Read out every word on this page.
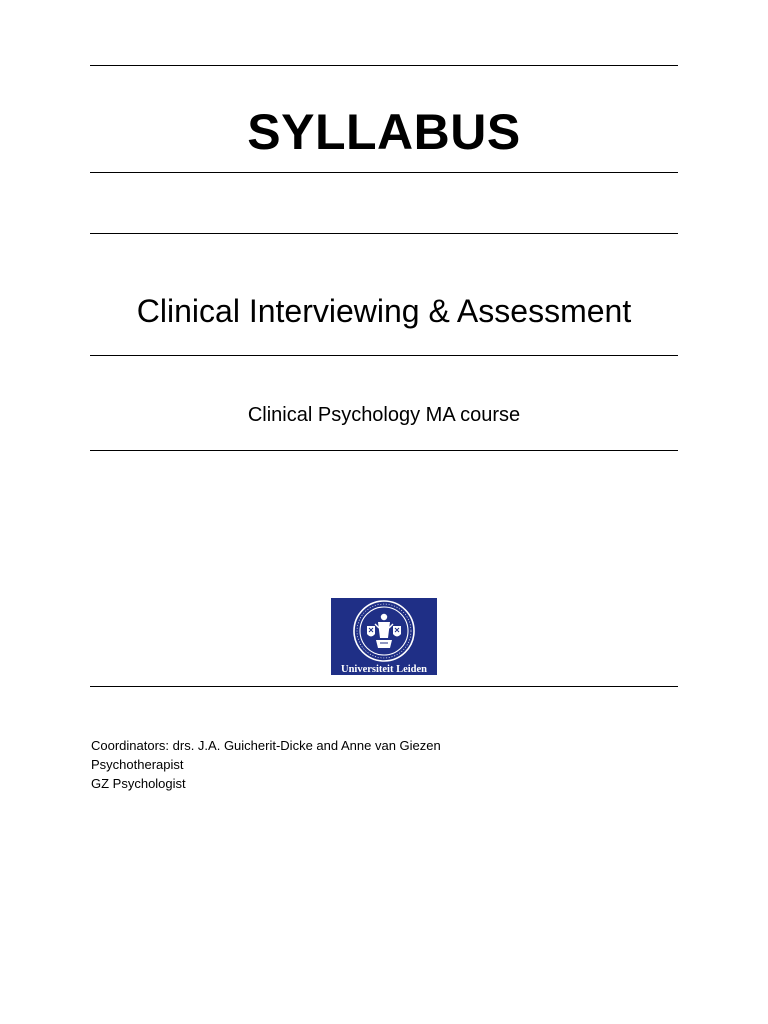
SYLLABUS
Clinical Interviewing & Assessment
Clinical Psychology MA course
Universiteit Leiden
Coordinators: drs. J.A. Guicherit-Dicke and Anne van Giezen
Psychotherapist
GZ Psychologist
